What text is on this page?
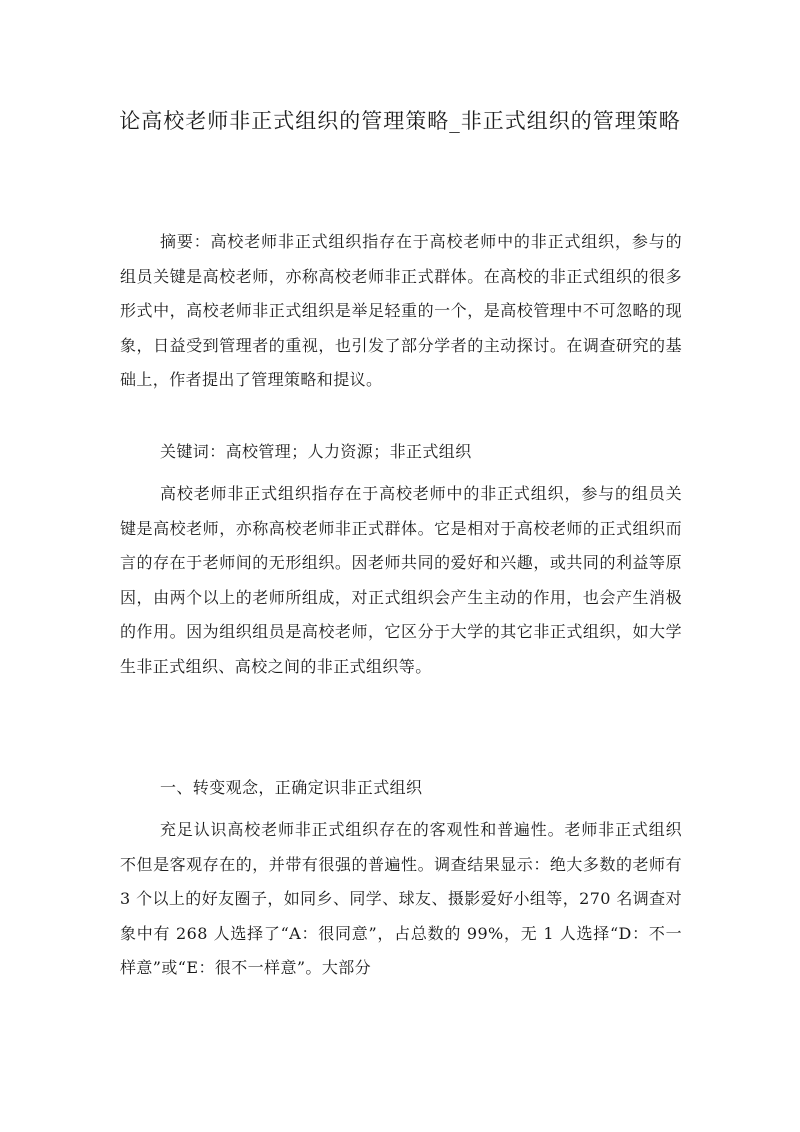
论高校老师非正式组织的管理策略_非正式组织的管理策略

摘要：高校老师非正式组织指存在于高校老师中的非正式组织，参与的组员关键是高校老师，亦称高校老师非正式群体。在高校的非正式组织的很多形式中，高校老师非正式组织是举足轻重的一个，是高校管理中不可忽略的现象，日益受到管理者的重视，也引发了部分学者的主动探讨。在调查研究的基础上，作者提出了管理策略和提议。

关键词：高校管理；人力资源；非正式组织

高校老师非正式组织指存在于高校老师中的非正式组织，参与的组员关键是高校老师，亦称高校老师非正式群体。它是相对于高校老师的正式组织而言的存在于老师间的无形组织。因老师共同的爱好和兴趣，或共同的利益等原因，由两个以上的老师所组成，对正式组织会产生主动的作用，也会产生消极的作用。因为组织组员是高校老师，它区分于大学的其它非正式组织，如大学生非正式组织、高校之间的非正式组织等。

一、转变观念，正确定识非正式组织

充足认识高校老师非正式组织存在的客观性和普遍性。老师非正式组织不但是客观存在的，并带有很强的普遍性。调查结果显示：绝大多数的老师有 3 个以上的好友圈子，如同乡、同学、球友、摄影爱好小组等，270 名调查对象中有 268 人选择了“A：很同意”，占总数的 99%，无 1 人选择“D：不一样意”或“E：很不一样意”。大部分
